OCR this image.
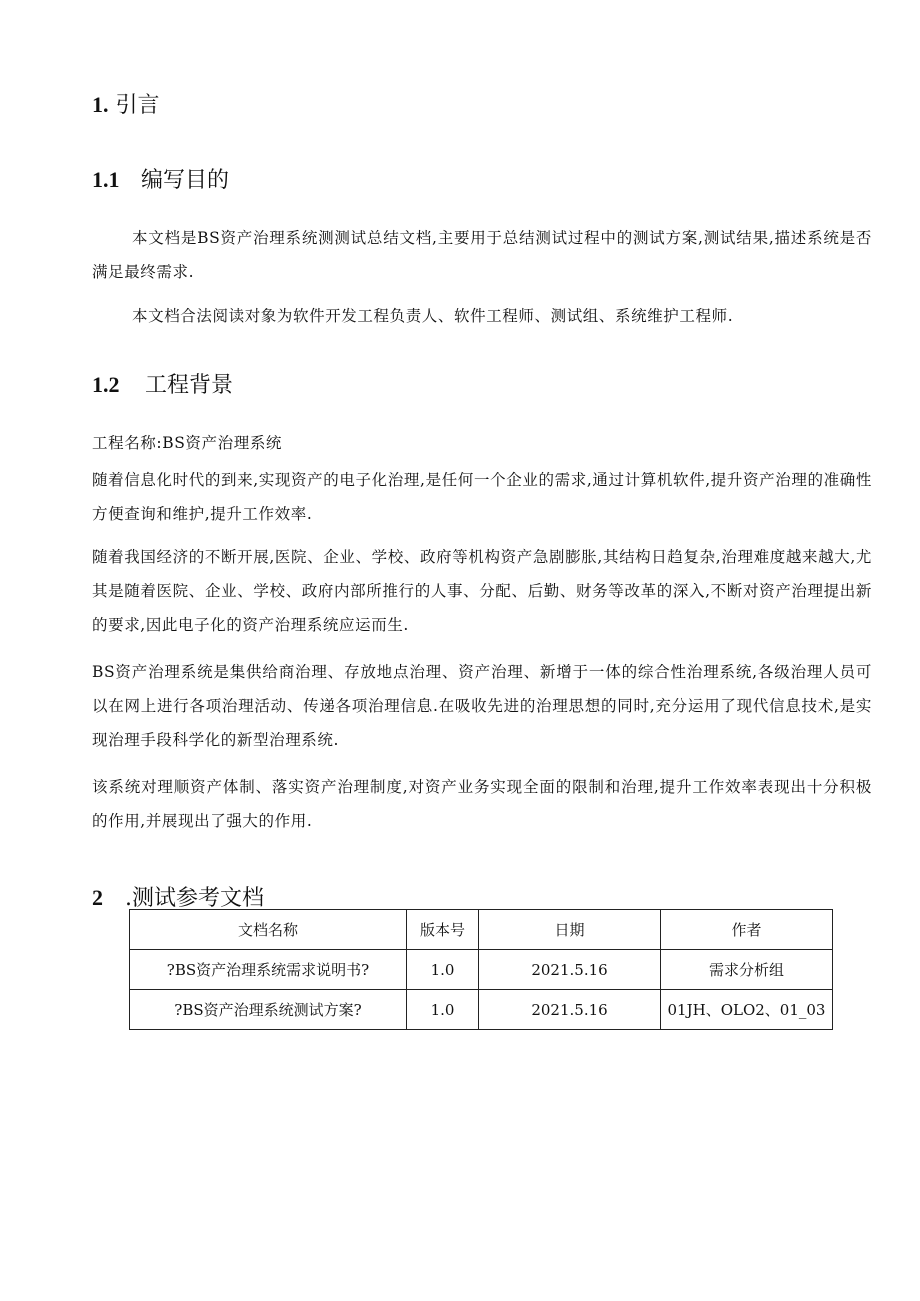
1. 引言
1.1 编写目的
本文档是BS资产治理系统测测试总结文档,主要用于总结测试过程中的测试方案,测试结果,描述系统是否满足最终需求.
本文档合法阅读对象为软件开发工程负责人、软件工程师、测试组、系统维护工程师.
1.2 工程背景
工程名称:BS资产治理系统
随着信息化时代的到来,实现资产的电子化治理,是任何一个企业的需求,通过计算机软件,提升资产治理的准确性方便查询和维护,提升工作效率.
随着我国经济的不断开展,医院、企业、学校、政府等机构资产急剧膨胀,其结构日趋复杂,治理难度越来越大,尤其是随着医院、企业、学校、政府内部所推行的人事、分配、后勤、财务等改革的深入,不断对资产治理提出新的要求,因此电子化的资产治理系统应运而生.
BS资产治理系统是集供给商治理、存放地点治理、资产治理、新增于一体的综合性治理系统,各级治理人员可以在网上进行各项治理活动、传递各项治理信息.在吸收先进的治理思想的同时,充分运用了现代信息技术,是实现治理手段科学化的新型治理系统.
该系统对理顺资产体制、落实资产治理制度,对资产业务实现全面的限制和治理,提升工作效率表现出十分积极的作用,并展现出了强大的作用.
2 .测试参考文档
文档名称	版本号	日期	作者
?BS资产治理系统需求说明书?	1.0	2021.5.16	需求分析组
?BS资产治理系统测试方案?	1.0	2021.5.16	01JH、OLO2、01_03
